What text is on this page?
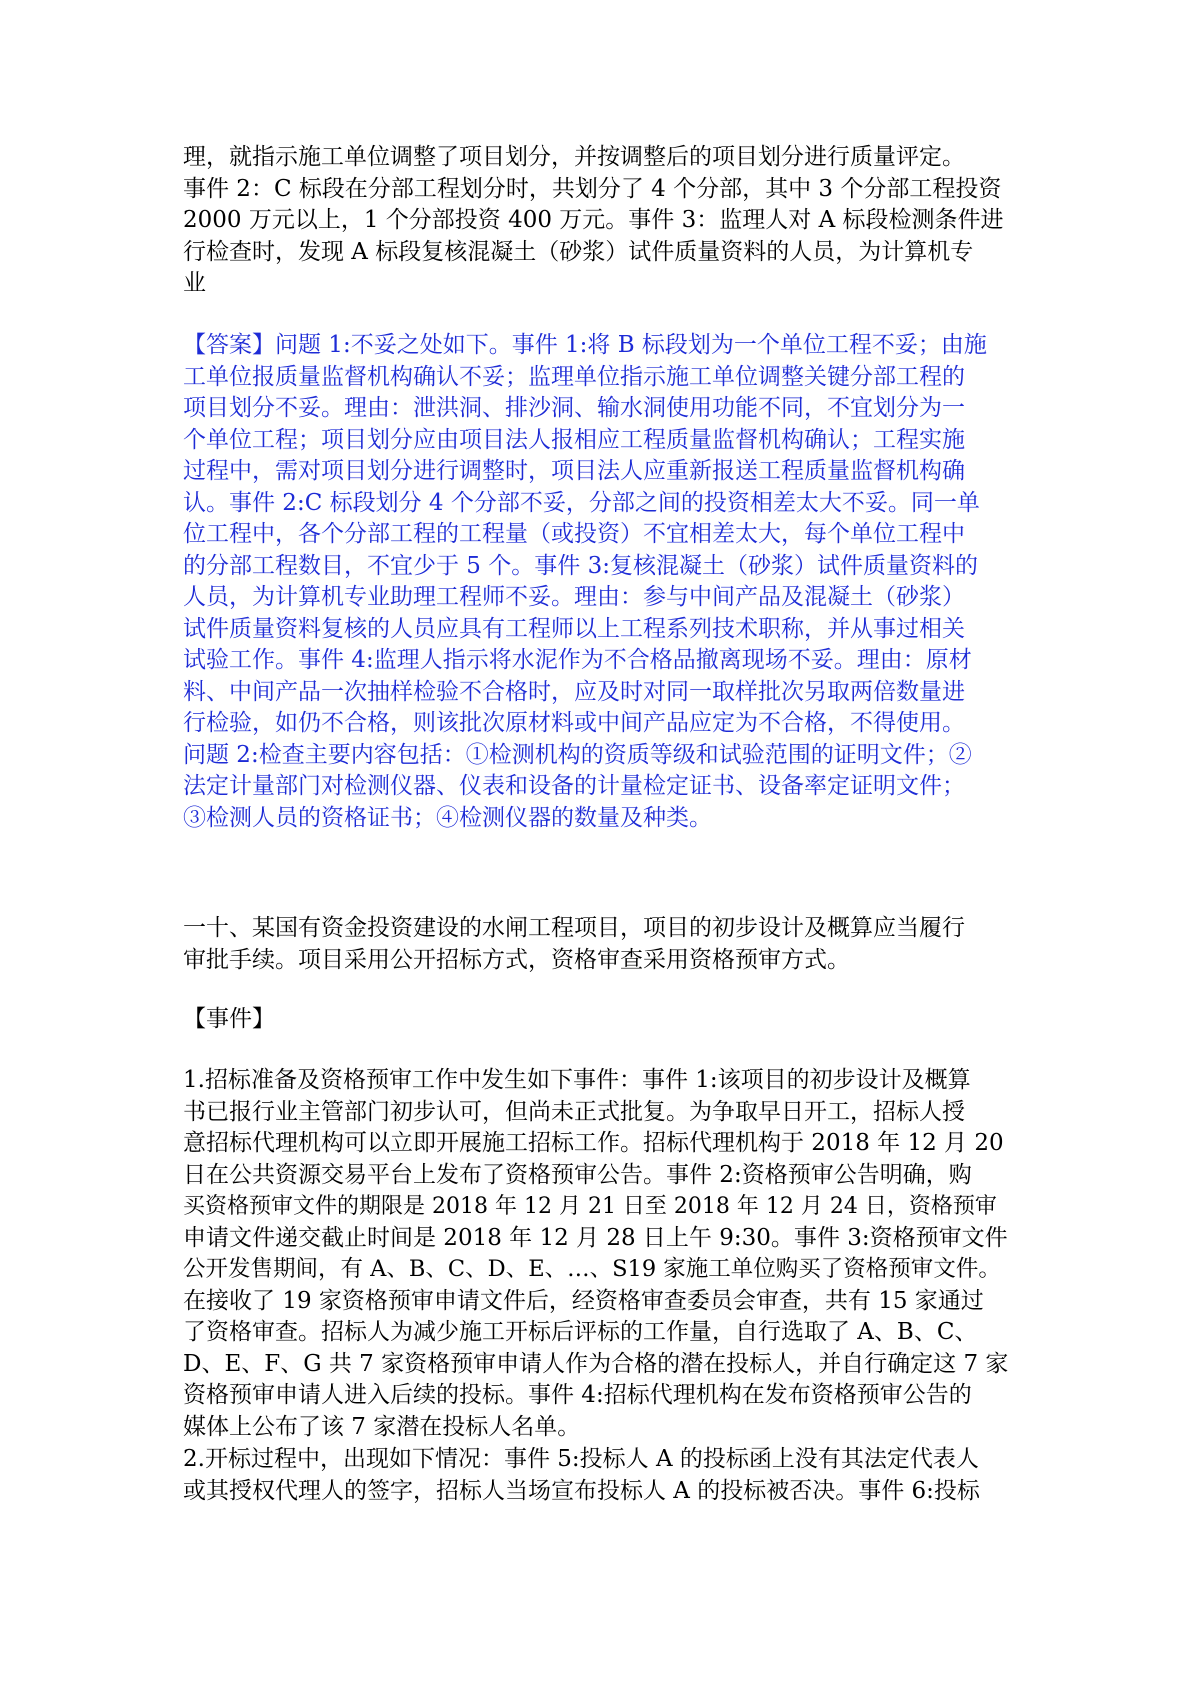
理，就指示施工单位调整了项目划分，并按调整后的项目划分进行质量评定。
事件 2：C 标段在分部工程划分时，共划分了 4 个分部，其中 3 个分部工程投资
2000 万元以上，1 个分部投资 400 万元。事件 3：监理人对 A 标段检测条件进
行检查时，发现 A 标段复核混凝土（砂浆）试件质量资料的人员，为计算机专
业
【答案】问题 1:不妥之处如下。事件 1:将 B 标段划为一个单位工程不妥；由施
工单位报质量监督机构确认不妥；监理单位指示施工单位调整关键分部工程的
项目划分不妥。理由：泄洪洞、排沙洞、输水洞使用功能不同，不宜划分为一
个单位工程；项目划分应由项目法人报相应工程质量监督机构确认；工程实施
过程中，需对项目划分进行调整时，项目法人应重新报送工程质量监督机构确
认。事件 2:C 标段划分 4 个分部不妥，分部之间的投资相差太大不妥。同一单
位工程中，各个分部工程的工程量（或投资）不宜相差太大，每个单位工程中
的分部工程数目，不宜少于 5 个。事件 3:复核混凝土（砂浆）试件质量资料的
人员，为计算机专业助理工程师不妥。理由：参与中间产品及混凝土（砂浆）
试件质量资料复核的人员应具有工程师以上工程系列技术职称，并从事过相关
试验工作。事件 4:监理人指示将水泥作为不合格品撤离现场不妥。理由：原材
料、中间产品一次抽样检验不合格时，应及时对同一取样批次另取两倍数量进
行检验，如仍不合格，则该批次原材料或中间产品应定为不合格，不得使用。
问题 2:检查主要内容包括：①检测机构的资质等级和试验范围的证明文件；②
法定计量部门对检测仪器、仪表和设备的计量检定证书、设备率定证明文件；
③检测人员的资格证书；④检测仪器的数量及种类。
一十、某国有资金投资建设的水闸工程项目，项目的初步设计及概算应当履行
审批手续。项目采用公开招标方式，资格审查采用资格预审方式。
【事件】
1.招标准备及资格预审工作中发生如下事件：事件 1:该项目的初步设计及概算
书已报行业主管部门初步认可，但尚未正式批复。为争取早日开工，招标人授
意招标代理机构可以立即开展施工招标工作。招标代理机构于 2018 年 12 月 20
日在公共资源交易平台上发布了资格预审公告。事件 2:资格预审公告明确，购
买资格预审文件的期限是 2018 年 12 月 21 日至 2018 年 12 月 24 日，资格预审
申请文件递交截止时间是 2018 年 12 月 28 日上午 9:30。事件 3:资格预审文件
公开发售期间，有 A、B、C、D、E、…、S19 家施工单位购买了资格预审文件。
在接收了 19 家资格预审申请文件后，经资格审查委员会审查，共有 15 家通过
了资格审查。招标人为减少施工开标后评标的工作量，自行选取了 A、B、C、
D、E、F、G 共 7 家资格预审申请人作为合格的潜在投标人，并自行确定这 7 家
资格预审申请人进入后续的投标。事件 4:招标代理机构在发布资格预审公告的
媒体上公布了该 7 家潜在投标人名单。
2.开标过程中，出现如下情况：事件 5:投标人 A 的投标函上没有其法定代表人
或其授权代理人的签字，招标人当场宣布投标人 A 的投标被否决。事件 6:投标
